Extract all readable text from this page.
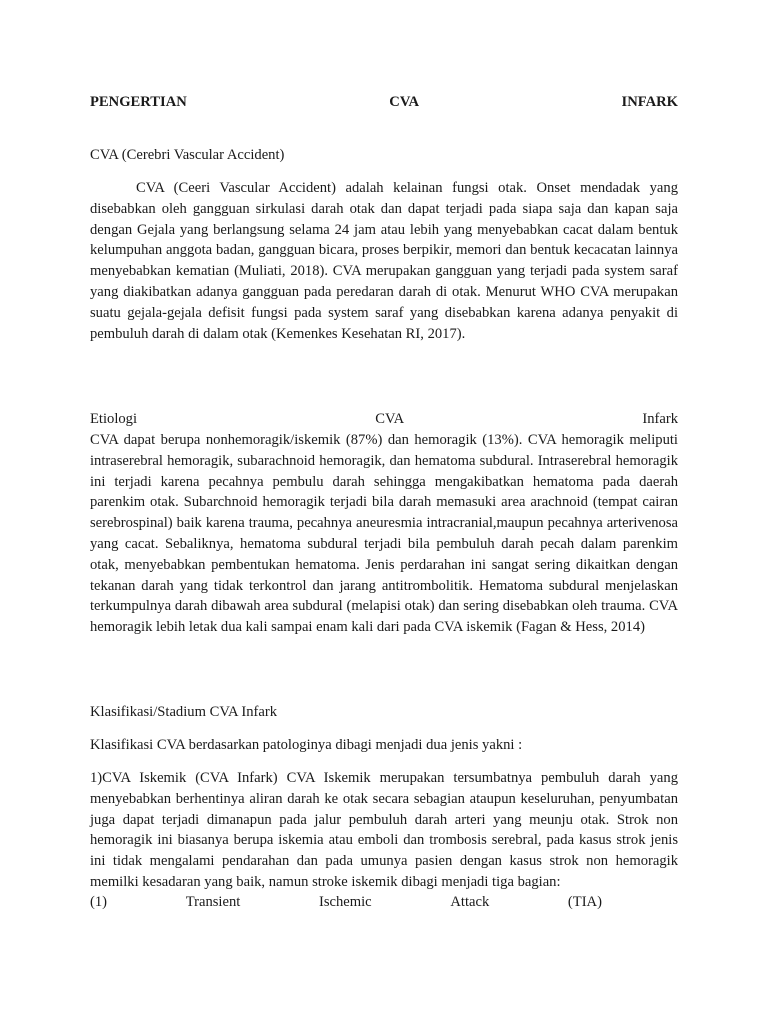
PENGERTIAN	CVA	INFARK

CVA (Cerebri Vascular Accident)

CVA (Ceeri Vascular Accident) adalah kelainan fungsi otak. Onset mendadak yang disebabkan oleh gangguan sirkulasi darah otak dan dapat terjadi pada siapa saja dan kapan saja dengan Gejala yang berlangsung selama 24 jam atau lebih yang menyebabkan cacat dalam bentuk kelumpuhan anggota badan, gangguan bicara, proses berpikir, memori dan bentuk kecacatan lainnya menyebabkan kematian (Muliati, 2018). CVA merupakan gangguan yang terjadi pada system saraf yang diakibatkan adanya gangguan pada peredaran darah di otak. Menurut WHO CVA merupakan suatu gejala-gejala defisit fungsi pada system saraf yang disebabkan karena adanya penyakit di pembuluh darah di dalam otak (Kemenkes Kesehatan RI, 2017).

Etiologi	CVA	Infark

CVA dapat berupa nonhemoragik/iskemik (87%) dan hemoragik (13%). CVA hemoragik meliputi intraserebral hemoragik, subarachnoid hemoragik, dan hematoma subdural. Intraserebral hemoragik ini terjadi karena pecahnya pembulu darah sehingga mengakibatkan hematoma pada daerah parenkim otak. Subarchnoid hemoragik terjadi bila darah memasuki area arachnoid (tempat cairan serebrospinal) baik karena trauma, pecahnya aneuresmia intracranial,maupun pecahnya arterivenosa yang cacat. Sebaliknya, hematoma subdural terjadi bila pembuluh darah pecah dalam parenkim otak, menyebabkan pembentukan hematoma. Jenis perdarahan ini sangat sering dikaitkan dengan tekanan darah yang tidak terkontrol dan jarang antitrombolitik. Hematoma subdural menjelaskan terkumpulnya darah dibawah area subdural (melapisi otak) dan sering disebabkan oleh trauma. CVA hemoragik lebih letak dua kali sampai enam kali dari pada CVA iskemik (Fagan & Hess, 2014)

Klasifikasi/Stadium CVA Infark

Klasifikasi CVA berdasarkan patologinya dibagi menjadi dua jenis yakni :

1)CVA Iskemik (CVA Infark) CVA Iskemik merupakan tersumbatnya pembuluh darah yang menyebabkan berhentinya aliran darah ke otak secara sebagian ataupun keseluruhan, penyumbatan juga dapat terjadi dimanapun pada jalur pembuluh darah arteri yang meunju otak. Strok non hemoragik ini biasanya berupa iskemia atau emboli dan trombosis serebral, pada kasus strok jenis ini tidak mengalami pendarahan dan pada umunya pasien dengan kasus strok non hemoragik memilki kesadaran yang baik, namun stroke iskemik dibagi menjadi tiga bagian:

(1)	Transient	Ischemic	Attack	(TIA)
